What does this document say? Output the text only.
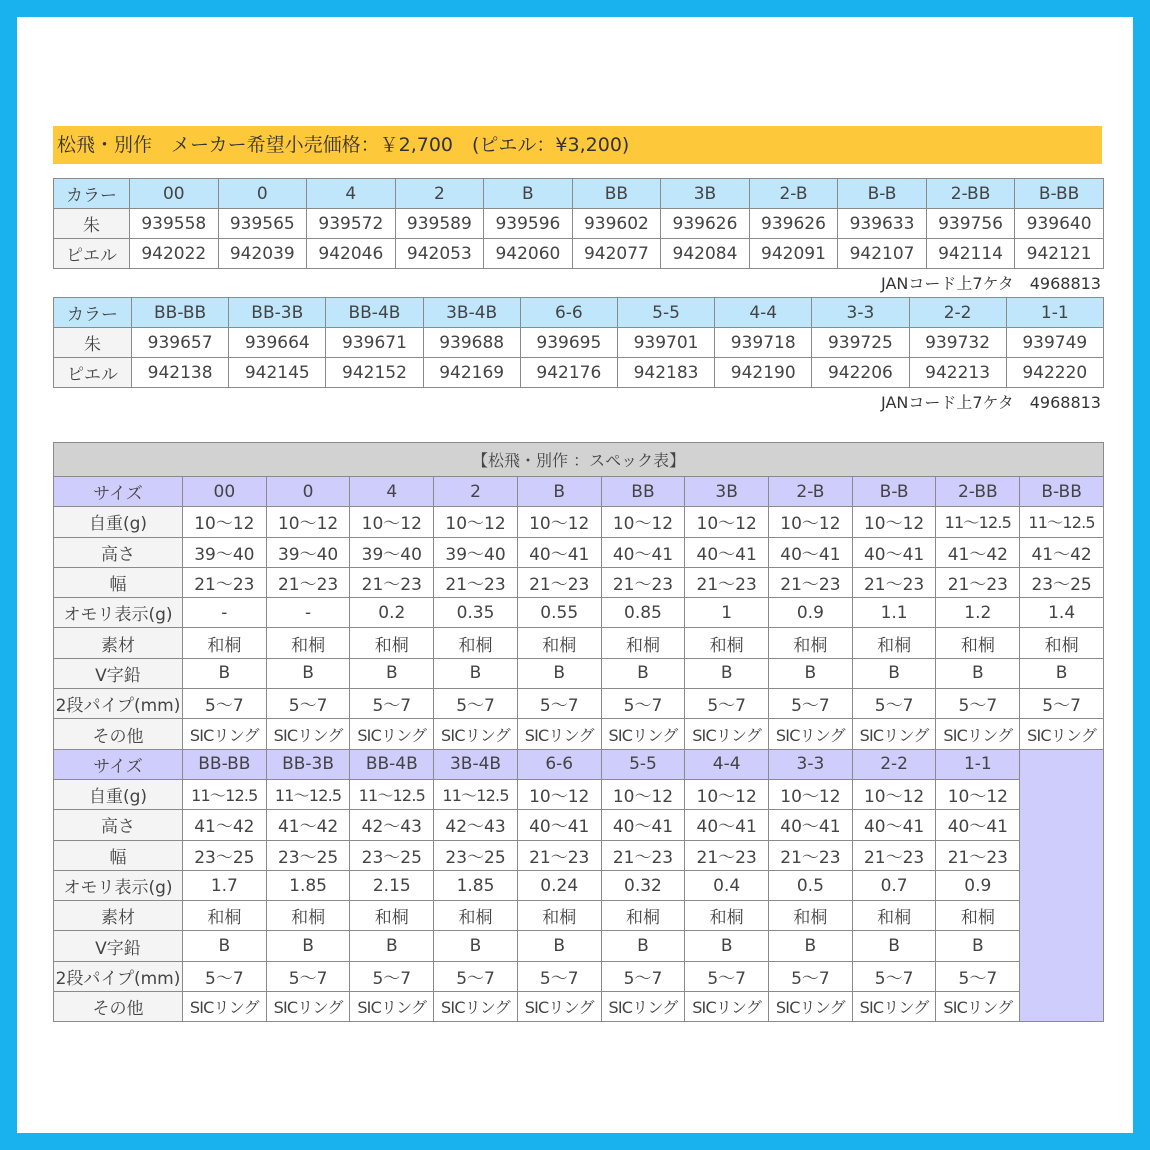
松飛・別作　メーカー希望小売価格：￥2,700　(ピエル：¥3,200)
カラー	00	0	4	2	B	BB	3B	2-B	B-B	2-BB	B-BB
朱	939558	939565	939572	939589	939596	939602	939626	939626	939633	939756	939640
ピエル	942022	942039	942046	942053	942060	942077	942084	942091	942107	942114	942121
JANコード上7ケタ　4968813
カラー	BB-BB	BB-3B	BB-4B	3B-4B	6-6	5-5	4-4	3-3	2-2	1-1
朱	939657	939664	939671	939688	939695	939701	939718	939725	939732	939749
ピエル	942138	942145	942152	942169	942176	942183	942190	942206	942213	942220
JANコード上7ケタ　4968813
【松飛・別作 ：スペック表】											
サイズ	00	0	4	2	B	BB	3B	2-B	B-B	2-BB	B-BB
自重(g)	10～12	10～12	10～12	10～12	10～12	10～12	10～12	10～12	10～12	11～12.5	11～12.5
高さ	39～40	39～40	39～40	39～40	40～41	40～41	40～41	40～41	40～41	41～42	41～42
幅	21～23	21～23	21～23	21～23	21～23	21～23	21～23	21～23	21～23	21～23	23～25
オモリ表示(g)	-	-	0.2	0.35	0.55	0.85	1	0.9	1.1	1.2	1.4
素材	和桐	和桐	和桐	和桐	和桐	和桐	和桐	和桐	和桐	和桐	和桐
V字鉛	B	B	B	B	B	B	B	B	B	B	B
2段パイプ(mm)	5～7	5～7	5～7	5～7	5～7	5～7	5～7	5～7	5～7	5～7	5～7
その他	SICリング	SICリング	SICリング	SICリング	SICリング	SICリング	SICリング	SICリング	SICリング	SICリング	SICリング
サイズ	BB-BB	BB-3B	BB-4B	3B-4B	6-6	5-5	4-4	3-3	2-2	1-1	
自重(g)	11～12.5	11～12.5	11～12.5	11～12.5	10～12	10～12	10～12	10～12	10～12	10～12	
高さ	41～42	41～42	42～43	42～43	40～41	40～41	40～41	40～41	40～41	40～41	
幅	23～25	23～25	23～25	23～25	21～23	21～23	21～23	21～23	21～23	21～23	
オモリ表示(g)	1.7	1.85	2.15	1.85	0.24	0.32	0.4	0.5	0.7	0.9	
素材	和桐	和桐	和桐	和桐	和桐	和桐	和桐	和桐	和桐	和桐	
V字鉛	B	B	B	B	B	B	B	B	B	B	
2段パイプ(mm)	5～7	5～7	5～7	5～7	5～7	5～7	5～7	5～7	5～7	5～7	
その他	SICリング	SICリング	SICリング	SICリング	SICリング	SICリング	SICリング	SICリング	SICリング	SICリング	
